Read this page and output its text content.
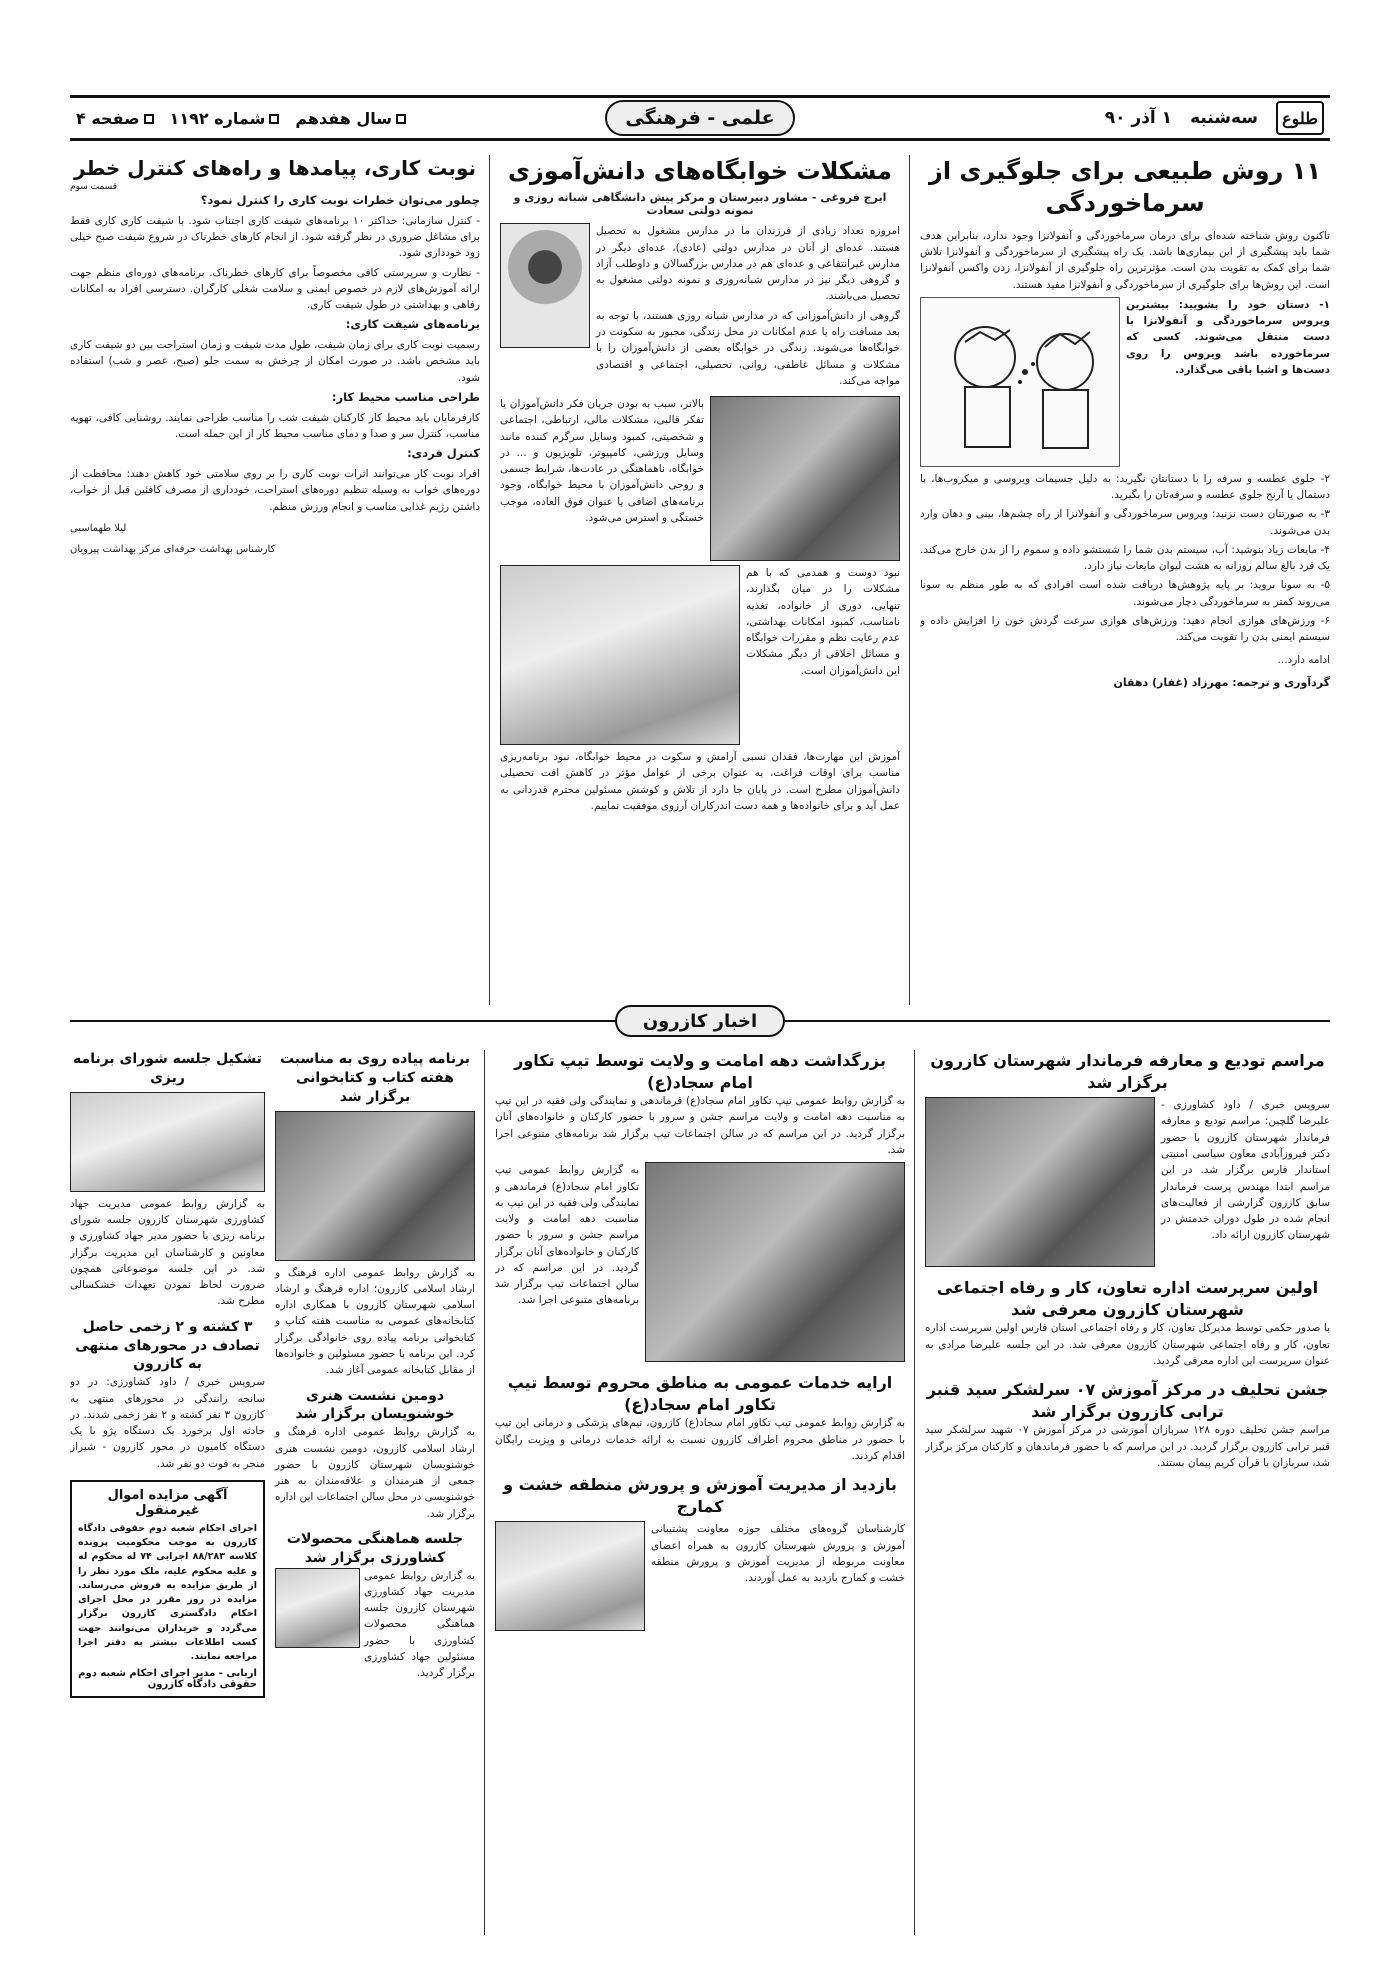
طلوع
سه‌شنبه
۱ آذر ۹۰
علمی - فرهنگی
سال هفدهم
شماره ۱۱۹۲
صفحه ۴
۱۱ روش طبیعی برای جلوگیری از سرماخوردگی

تاکنون روش شناخته شده‌ای برای درمان سرماخوردگی و آنفولانزا وجود ندارد، بنابراین هدف شما باید پیشگیری از این بیماری‌ها باشد. یک راه پیشگیری از سرماخوردگی و آنفولانزا تلاش شما برای کمک به تقویت بدن است. مؤثرترین راه جلوگیری از آنفولانزا، زدن واکسن آنفولانزا است. این روش‌ها برای جلوگیری از سرماخوردگی و آنفولانزا مفید هستند.

۱- دستان خود را بشویید: بیشترین ویروس سرماخوردگی و آنفولانزا با دست منتقل می‌شوند. کسی که سرماخورده باشد ویروس را روی دست‌ها و اشیا باقی می‌گذارد.

۲- جلوی عطسه و سرفه را با دستانتان نگیرید: به دلیل جسیمات ویروسی و میکروب‌ها، با دستمال یا آرنج جلوی عطسه و سرفه‌تان را بگیرید.

۳- به صورتتان دست نزنید: ویروس سرماخوردگی و آنفولانزا از راه چشم‌ها، بینی و دهان وارد بدن می‌شوند.

۴- مایعات زیاد بنوشید: آب، سیستم بدن شما را شستشو داده و سموم را از بدن خارج می‌کند. یک فرد بالغ سالم روزانه به هشت لیوان مایعات نیاز دارد.

۵- به سونا بروید: بر پایه پژوهش‌ها دریافت شده است افرادی که به طور منظم به سونا می‌روند کمتر به سرماخوردگی دچار می‌شوند.

۶- ورزش‌های هوازی انجام دهید: ورزش‌های هوازی سرعت گردش خون را افزایش داده و سیستم ایمنی بدن را تقویت می‌کند.

ادامه دارد...

گردآوری و ترجمه: مهرزاد (غفار) دهقان
مشکلات خوابگاه‌های دانش‌آموزی
ایرج فروغی - مشاور دبیرستان و مرکز پیش دانشگاهی شبانه روزی و نمونه دولتی سعادت

امروزه تعداد زیادی از فرزندان ما در مدارس مشغول به تحصیل هستند. عده‌ای از آنان در مدارس دولتی (عادی)، عده‌ای دیگر در مدارس غیرانتفاعی و عده‌ای هم در مدارس بزرگسالان و داوطلب آزاد و گروهی دیگر نیز در مدارس شبانه‌روزی و نمونه دولتی مشغول به تحصیل می‌باشند.

گروهی از دانش‌آموزانی که در مدارس شبانه روزی هستند، با توجه به بعد مسافت راه یا عدم امکانات در محل زندگی، مجبور به سکونت در خوابگاه‌ها می‌شوند. زندگی در خوابگاه بعضی از دانش‌آموزان را با مشکلات و مسائل عاطفی، روانی، تحصیلی، اجتماعی و اقتصادی مواجه می‌کند.

بالاتر، سبب به بودن جریان فکر دانش‌آموزان یا تفکر قالبی، مشکلات مالی، ارتباطی، اجتماعی و شخصیتی، کمبود وسایل سرگرم کننده مانند وسایل ورزشی، کامپیوتر، تلویزیون و ... در خوابگاه، ناهماهنگی در عادت‌ها، شرایط جسمی و روحی دانش‌آموزان با محیط خوابگاه، وجود برنامه‌های اضافی یا عنوان فوق العاده، موجب خستگی و استرس می‌شود.

نبود دوست و همدمی که با هم مشکلات را در میان بگذارند، تنهایی، دوری از خانواده، تغذیه نامناسب، کمبود امکانات بهداشتی، عدم رعایت نظم و مقررات خوابگاه و مسائل اخلاقی از دیگر مشکلات این دانش‌آموزان است.

آموزش این مهارت‌ها، فقدان نسبی آرامش و سکوت در محیط خوابگاه، نبود برنامه‌ریزی مناسب برای اوقات فراغت، به عنوان برخی از عوامل مؤثر در کاهش افت تحصیلی دانش‌آموزان مطرح است. در پایان جا دارد از تلاش و کوشش مسئولین محترم قدردانی به عمل آید و برای خانواده‌ها و همه دست اندرکاران آرزوی موفقیت نماییم.

نوبت کاری، پیامدها و راه‌های کنترل خطر
قسمت سوم

چطور می‌توان خطرات نوبت کاری را کنترل نمود؟

- کنترل سازمانی: حداکثر ۱۰ برنامه‌های شیفت کاری اجتناب شود. با شیفت کاری کاری فقط برای مشاغل ضروری در نظر گرفته شود. از انجام کارهای خطرناک در شروع شیفت صبح خیلی زود خودداری شود.

- نظارت و سرپرستی کافی مخصوصاً برای کارهای خطرناک. برنامه‌های دوره‌ای منظم جهت ارائه آموزش‌های لازم در خصوص ایمنی و سلامت شغلی کارگران. دسترسی افراد به امکانات رفاهی و بهداشتی در طول شیفت کاری.

برنامه‌های شیفت کاری:

رسمیت نوبت کاری برای زمان شیفت، طول مدت شیفت و زمان استراحت بین دو شیفت کاری باید مشخص باشد. در صورت امکان از چرخش به سمت جلو (صبح، عصر و شب) استفاده شود.

طراحی مناسب محیط کار:

کارفرمایان باید محیط کار کارکنان شیفت شب را مناسب طراحی نمایند. روشنایی کافی، تهویه مناسب، کنترل سر و صدا و دمای مناسب محیط کار از این جمله است.

کنترل فردی:

افراد نوبت کار می‌توانند اثرات نوبت کاری را بر روی سلامتی خود کاهش دهند: محافظت از دوره‌های خواب به وسیله تنظیم دوره‌های استراحت، خودداری از مصرف کافئین قبل از خواب، داشتن رژیم غذایی مناسب و انجام ورزش منظم.

لیلا طهماسبی
کارشناس بهداشت حرفه‌ای مرکز بهداشت پیرویان
اخبار کازرون
مراسم تودیع و معارفه فرماندار شهرستان کازرون برگزار شد

سرویس خبری / داود کشاورزی - علیرضا گلچین: مراسم تودیع و معارفه فرماندار شهرستان کازرون با حضور دکتر فیروزآبادی معاون سیاسی امنیتی استاندار فارس برگزار شد. در این مراسم ابتدا مهندس پرست فرماندار سابق کازرون گزارشی از فعالیت‌های انجام شده در طول دوران خدمتش در شهرستان کازرون ارائه داد.

اولین سرپرست اداره تعاون، کار و رفاه اجتماعی شهرستان کازرون معرفی شد

با صدور حکمی توسط مدیرکل تعاون، کار و رفاه اجتماعی استان فارس اولین سرپرست اداره تعاون، کار و رفاه اجتماعی شهرستان کازرون معرفی شد. در این جلسه علیرضا مرادی به عنوان سرپرست این اداره معرفی گردید.

جشن تحلیف در مرکز آموزش ۰۷ سرلشکر سید قنبر ترابی کازرون برگزار شد

مراسم جشن تحلیف دوره ۱۲۸ سربازان آموزشی در مرکز آموزش ۰۷ شهید سرلشکر سید قنبر ترابی کازرون برگزار گردید. در این مراسم که با حضور فرماندهان و کارکنان مرکز برگزار شد، سربازان با قرآن کریم پیمان بستند.

بزرگداشت دهه امامت و ولایت توسط تیپ تکاور امام سجاد(ع)

به گزارش روابط عمومی تیپ تکاور امام سجاد(ع) فرماندهی و نمایندگی ولی فقیه در این تیپ به مناسبت دهه امامت و ولایت مراسم جشن و سرور با حضور کارکنان و خانواده‌های آنان برگزار گردید. در این مراسم که در سالن اجتماعات تیپ برگزار شد برنامه‌های متنوعی اجرا شد.

به گزارش روابط عمومی تیپ تکاور امام سجاد(ع) فرماندهی و نمایندگی ولی فقیه در این تیپ به مناسبت دهه امامت و ولایت مراسم جشن و سرور با حضور کارکنان و خانواده‌های آنان برگزار گردید. در این مراسم که در سالن اجتماعات تیپ برگزار شد برنامه‌های متنوعی اجرا شد.

ارایه خدمات عمومی به مناطق محروم توسط تیپ تکاور امام سجاد(ع)

به گزارش روابط عمومی تیپ تکاور امام سجاد(ع) کازرون، تیم‌های پزشکی و درمانی این تیپ با حضور در مناطق محروم اطراف کازرون نسبت به ارائه خدمات درمانی و ویزیت رایگان اقدام کردند.

بازدید از مدیریت آموزش و پرورش منطقه خشت و کمارج

کارشناسان گروه‌های مختلف حوزه معاونت پشتیبانی آموزش و پرورش شهرستان کازرون به همراه اعضای معاونت مربوطه از مدیریت آموزش و پرورش منطقه خشت و کمارج بازدید به عمل آوردند.

برنامه پیاده روی به مناسبت هفته کتاب و کتابخوانی برگزار شد

به گزارش روابط عمومی اداره فرهنگ و ارشاد اسلامی کازرون؛ اداره فرهنگ و ارشاد اسلامی شهرستان کازرون با همکاری اداره کتابخانه‌های عمومی به مناسبت هفته کتاب و کتابخوانی برنامه پیاده روی خانوادگی برگزار کرد. این برنامه با حضور مسئولین و خانواده‌ها از مقابل کتابخانه عمومی آغاز شد.

دومین نشست هنری خوشنویسان برگزار شد

به گزارش روابط عمومی اداره فرهنگ و ارشاد اسلامی کازرون، دومین نشست هنری خوشنویسان شهرستان کازرون با حضور جمعی از هنرمندان و علاقه‌مندان به هنر خوشنویسی در محل سالن اجتماعات این اداره برگزار شد.

جلسه هماهنگی محصولات کشاورزی برگزار شد

به گزارش روابط عمومی مدیریت جهاد کشاورزی شهرستان کازرون جلسه هماهنگی محصولات کشاورزی با حضور مسئولین جهاد کشاورزی برگزار گردید.

تشکیل جلسه شورای برنامه ریزی

به گزارش روابط عمومی مدیریت جهاد کشاورزی شهرستان کازرون جلسه شورای برنامه ریزی با حضور مدیر جهاد کشاورزی و معاونین و کارشناسان این مدیریت برگزار شد. در این جلسه موضوعاتی همچون ضرورت لحاظ نمودن تعهدات خشکسالی مطرح شد.

۳ کشته و ۲ زخمی حاصل تصادف در محورهای منتهی به کازرون

سرویس خبری / داود کشاورزی: در دو سانحه رانندگی در محورهای منتهی به کازرون ۳ نفر کشته و ۲ نفر زخمی شدند. در حادثه اول برخورد یک دستگاه پژو با یک دستگاه کامیون در محور کازرون - شیراز منجر به فوت دو نفر شد.

آگهی مزایده اموال غیرمنقول
اجرای احکام شعبه دوم حقوقی دادگاه کازرون به موجب محکومیت پرونده کلاسه ۸۸/۲۸۳ اجرایی ۷۴ له محکوم له و علیه محکوم علیه، ملک مورد نظر را از طریق مزایده به فروش می‌رساند. مزایده در روز مقرر در محل اجرای احکام دادگستری کازرون برگزار می‌گردد و خریداران می‌توانند جهت کسب اطلاعات بیشتر به دفتر اجرا مراجعه نمایند.
اربابی - مدیر اجرای احکام شعبه دوم حقوقی دادگاه کازرون
